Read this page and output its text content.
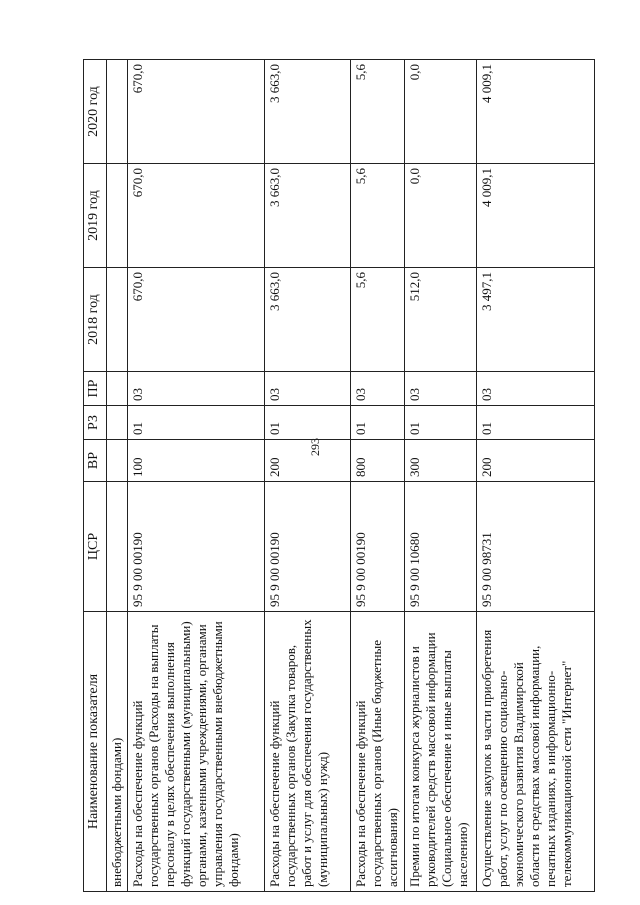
293
Наименование показателя	ЦСР	ВР	РЗ	ПР	2018 год	2019 год	2020 год
внебюджетными фондами)							
Расходы на обеспечение функций государственных органов (Расходы на выплаты персоналу в целях обеспечения выполнения функций государственными (муниципальными) органами, казенными учреждениями, органами управления государственными внебюджетными фондами)	95 9 00 00190	100	01	03	670,0	670,0	670,0
Расходы на обеспечение функций государственных органов (Закупка товаров, работ и услуг для обеспечения государственных (муниципальных) нужд)	95 9 00 00190	200	01	03	3 663,0	3 663,0	3 663,0
Расходы на обеспечение функций государственных органов (Иные бюджетные ассигнования)	95 9 00 00190	800	01	03	5,6	5,6	5,6
Премии по итогам конкурса журналистов и руководителей средств массовой информации (Социальное обеспечение и иные выплаты населению)	95 9 00 10680	300	01	03	512,0	0,0	0,0
Осуществление закупок в части приобретения работ, услуг по освещению социально-экономического развития Владимирской области в средствах массовой информации, печатных изданиях, в информационно-телекоммуникационной сети "Интернет"	95 9 00 98731	200	01	03	3 497,1	4 009,1	4 009,1
